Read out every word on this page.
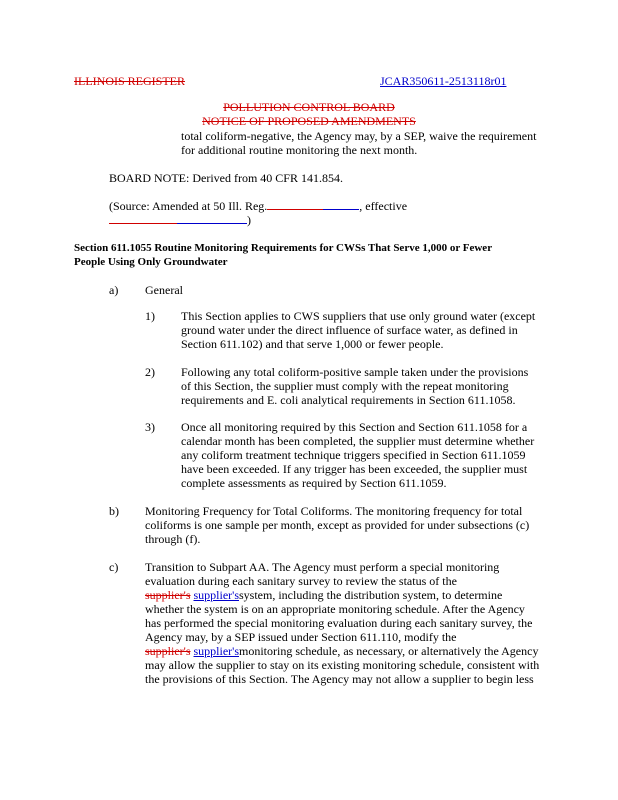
ILLINOIS REGISTER	JCAR350611-2513118r01
POLLUTION CONTROL BOARD
NOTICE OF PROPOSED AMENDMENTS
total coliform-negative, the Agency may, by a SEP, waive the requirement
for additional routine monitoring the next month.
BOARD NOTE: Derived from 40 CFR 141.854.
(Source: Amended at 50 Ill. Reg.	, effective
)
Section 611.1055 Routine Monitoring Requirements for CWSs That Serve 1,000 or Fewer
People Using Only Groundwater
a) General
1) This Section applies to CWS suppliers that use only ground water (except
ground water under the direct influence of surface water, as defined in
Section 611.102) and that serve 1,000 or fewer people.
2) Following any total coliform-positive sample taken under the provisions
of this Section, the supplier must comply with the repeat monitoring
requirements and E. coli analytical requirements in Section 611.1058.
3) Once all monitoring required by this Section and Section 611.1058 for a
calendar month has been completed, the supplier must determine whether
any coliform treatment technique triggers specified in Section 611.1059
have been exceeded. If any trigger has been exceeded, the supplier must
complete assessments as required by Section 611.1059.
b) Monitoring Frequency for Total Coliforms. The monitoring frequency for total
coliforms is one sample per month, except as provided for under subsections (c)
through (f).
c) Transition to Subpart AA. The Agency must perform a special monitoring
evaluation during each sanitary survey to review the status of the
supplier's supplier'ssystem, including the distribution system, to determine
whether the system is on an appropriate monitoring schedule. After the Agency
has performed the special monitoring evaluation during each sanitary survey, the
Agency may, by a SEP issued under Section 611.110, modify the
supplier's supplier'smonitoring schedule, as necessary, or alternatively the Agency
may allow the supplier to stay on its existing monitoring schedule, consistent with
the provisions of this Section. The Agency may not allow a supplier to begin less
